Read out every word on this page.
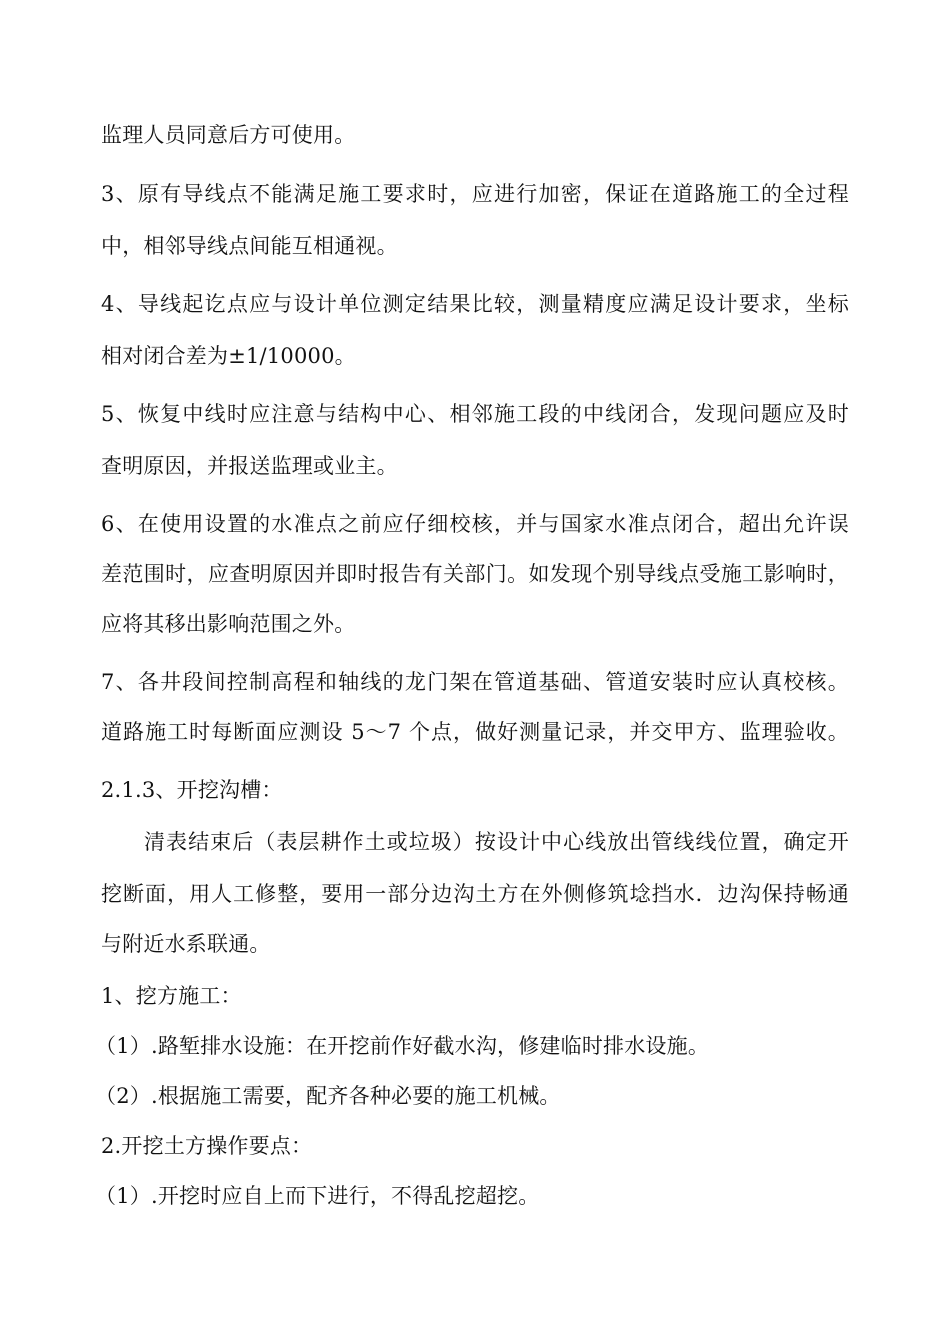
监理人员同意后方可使用。
3、原有导线点不能满足施工要求时，应进行加密，保证在道路施工的全过程
中，相邻导线点间能互相通视。
4、导线起讫点应与设计单位测定结果比较，测量精度应满足设计要求，坐标
相对闭合差为±1/10000。
5、恢复中线时应注意与结构中心、相邻施工段的中线闭合，发现问题应及时
查明原因，并报送监理或业主。
6、在使用设置的水准点之前应仔细校核，并与国家水准点闭合，超出允许误
差范围时，应查明原因并即时报告有关部门。如发现个别导线点受施工影响时，
应将其移出影响范围之外。
7、各井段间控制高程和轴线的龙门架在管道基础、管道安装时应认真校核。
道路施工时每断面应测设 5～7 个点，做好测量记录，并交甲方、监理验收。
2.1.3、开挖沟槽：
清表结束后（表层耕作土或垃圾）按设计中心线放出管线线位置，确定开
挖断面，用人工修整，要用一部分边沟土方在外侧修筑埝挡水．边沟保持畅通
与附近水系联通。
1、挖方施工：
（1）.路堑排水设施：在开挖前作好截水沟，修建临时排水设施。
（2）.根据施工需要，配齐各种必要的施工机械。
2.开挖土方操作要点：
（1）.开挖时应自上而下进行，不得乱挖超挖。
